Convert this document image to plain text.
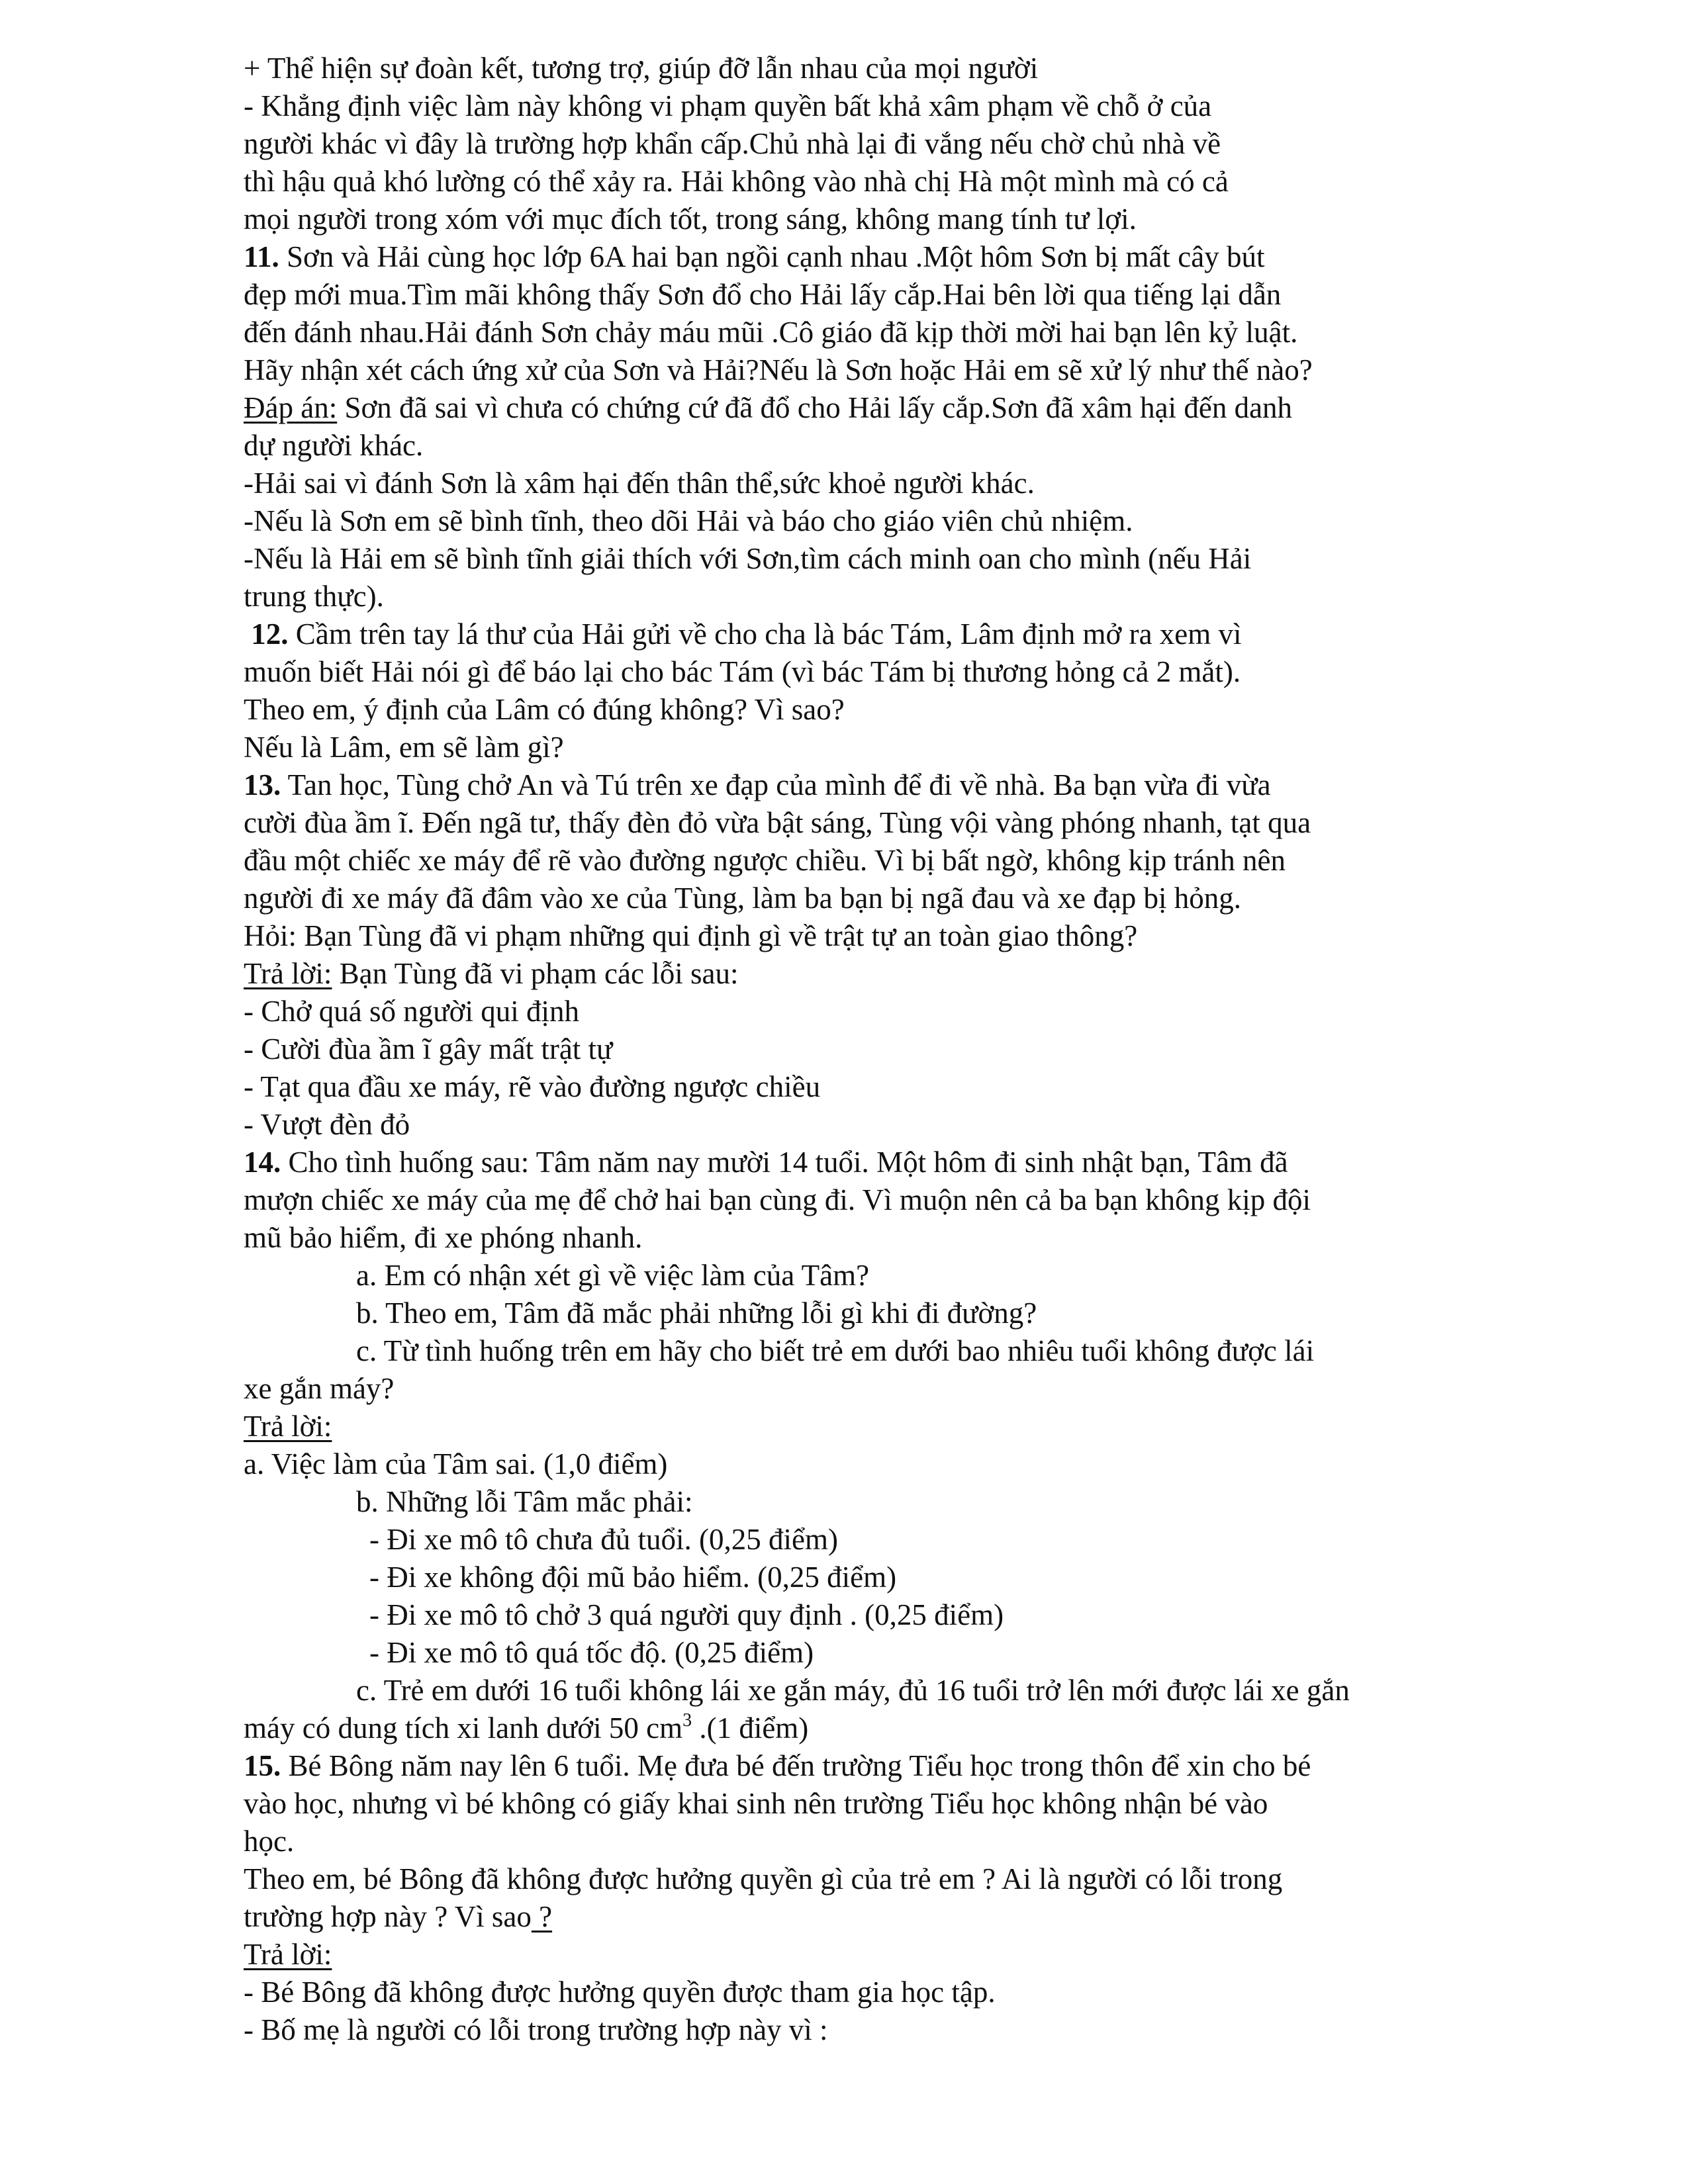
+ Thể hiện sự đoàn kết, tương trợ, giúp đỡ lẫn nhau của mọi người
- Khẳng định việc làm này không vi phạm quyền bất khả xâm phạm về chỗ ở của
người khác vì đây là trường hợp khẩn cấp.Chủ nhà lại đi vắng nếu chờ chủ nhà về
thì hậu quả khó lường có thể xảy ra. Hải không vào nhà chị Hà một mình mà có cả
mọi người trong xóm với mục đích tốt, trong sáng, không mang tính tư lợi.
11. Sơn và Hải cùng học lớp 6A hai bạn ngồi cạnh nhau .Một hôm Sơn bị mất cây bút
đẹp mới mua.Tìm mãi không thấy Sơn đổ cho Hải lấy cắp.Hai bên lời qua tiếng lại dẫn
đến đánh nhau.Hải đánh Sơn chảy máu mũi .Cô giáo đã kịp thời mời hai bạn lên kỷ luật.
Hãy nhận xét cách ứng xử của Sơn và Hải?Nếu là Sơn hoặc Hải em sẽ xử lý như thế nào?
Đáp án: Sơn đã sai vì chưa có chứng cứ đã đổ cho Hải lấy cắp.Sơn đã xâm hại đến danh
dự người khác.
-Hải sai vì đánh Sơn là xâm hại đến thân thể,sức khoẻ người khác.
-Nếu là Sơn em sẽ bình tĩnh, theo dõi Hải và báo cho giáo viên chủ nhiệm.
-Nếu là Hải em sẽ bình tĩnh giải thích với Sơn,tìm cách minh oan cho mình (nếu Hải
trung thực).
12. Cầm trên tay lá thư của Hải gửi về cho cha là bác Tám, Lâm định mở ra xem vì
muốn biết Hải nói gì để báo lại cho bác Tám (vì bác Tám bị thương hỏng cả 2 mắt).
Theo em, ý định của Lâm có đúng không? Vì sao?
Nếu là Lâm, em sẽ làm gì?
13. Tan học, Tùng chở An và Tú trên xe đạp của mình để đi về nhà. Ba bạn vừa đi vừa
cười đùa ầm ĩ. Đến ngã tư, thấy đèn đỏ vừa bật sáng, Tùng vội vàng phóng nhanh, tạt qua
đầu một chiếc xe máy để rẽ vào đường ngược chiều. Vì bị bất ngờ, không kịp tránh nên
người đi xe máy đã đâm vào xe của Tùng, làm ba bạn bị ngã đau và xe đạp bị hỏng.
Hỏi: Bạn Tùng đã vi phạm những qui định gì về trật tự an toàn giao thông?
Trả lời: Bạn Tùng đã vi phạm các lỗi sau:
- Chở quá số người qui định
- Cười đùa ầm ĩ gây mất trật tự
- Tạt qua đầu xe máy, rẽ vào đường ngược chiều
- Vượt đèn đỏ
14. Cho tình huống sau: Tâm năm nay mười 14 tuổi. Một hôm đi sinh nhật bạn, Tâm đã
mượn chiếc xe máy của mẹ để chở hai bạn cùng đi. Vì muộn nên cả ba bạn không kịp đội
mũ bảo hiểm, đi xe phóng nhanh.
a. Em có nhận xét gì về việc làm của Tâm?
b. Theo em, Tâm đã mắc phải những lỗi gì khi đi đường?
c. Từ tình huống trên em hãy cho biết trẻ em dưới bao nhiêu tuổi không được lái
xe gắn máy?
Trả lời:
a. Việc làm của Tâm sai. (1,0 điểm)
b. Những lỗi Tâm mắc phải:
- Đi xe mô tô chưa đủ tuổi. (0,25 điểm)
- Đi xe không đội mũ bảo hiểm. (0,25 điểm)
- Đi xe mô tô chở 3 quá người quy định . (0,25 điểm)
- Đi xe mô tô quá tốc độ. (0,25 điểm)
c. Trẻ em dưới 16 tuổi không lái xe gắn máy, đủ 16 tuổi trở lên mới được lái xe gắn
máy có dung tích xi lanh dưới 50 $cm^3$ .(1 điểm)
15. Bé Bông năm nay lên 6 tuổi. Mẹ đưa bé đến trường Tiểu học trong thôn để xin cho bé
vào học, nhưng vì bé không có giấy khai sinh nên trường Tiểu học không nhận bé vào
học.
Theo em, bé Bông đã không được hưởng quyền gì của trẻ em ? Ai là người có lỗi trong
trường hợp này ? Vì sao ?
Trả lời:
- Bé Bông đã không được hưởng quyền được tham gia học tập.
- Bố mẹ là người có lỗi trong trường hợp này vì :
